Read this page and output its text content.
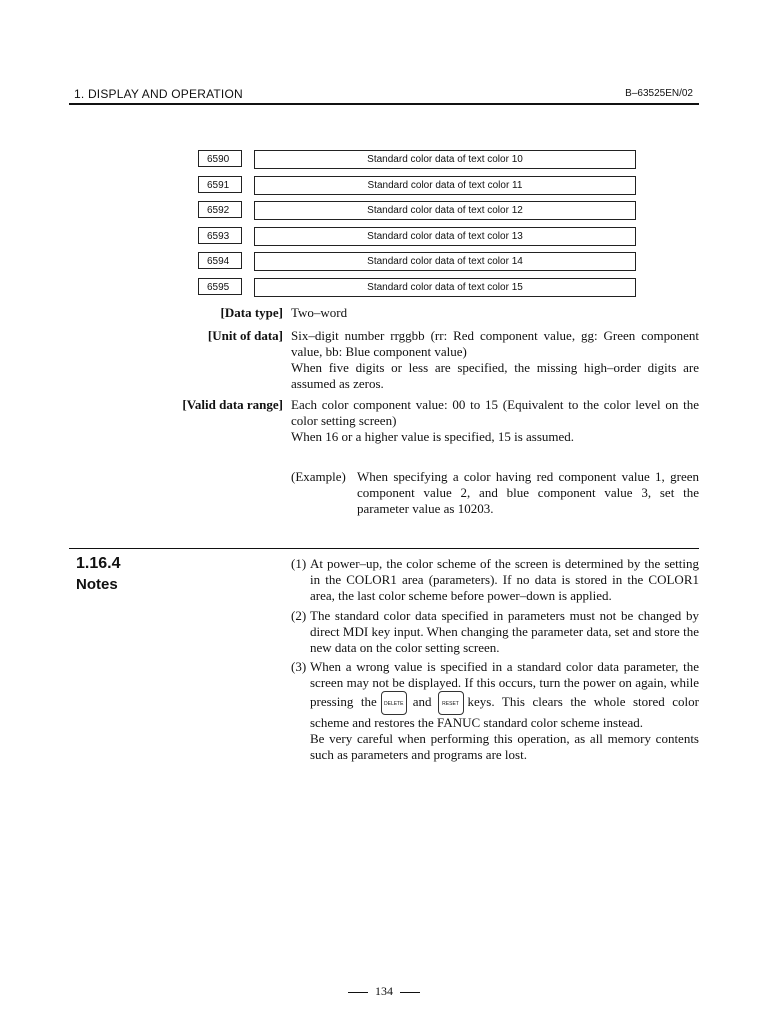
1. DISPLAY AND OPERATION	B–63525EN/02
6590	Standard color data of text color 10
6591	Standard color data of text color 11
6592	Standard color data of text color 12
6593	Standard color data of text color 13
6594	Standard color data of text color 14
6595	Standard color data of text color 15
[Data type] Two–word
[Unit of data] Six–digit number rrggbb (rr: Red component value, gg: Green component value, bb: Blue component value)

When five digits or less are specified, the missing high–order digits are assumed as zeros.

[Valid data range] Each color component value: 00 to 15 (Equivalent to the color level on the color setting screen)

When 16 or a higher value is specified, 15 is assumed.

(Example) When specifying a color having red component value 1, green component value 2, and blue component value 3, set the parameter value as 10203.
1.16.4
Notes
(1) At power–up, the color scheme of the screen is determined by the setting in the COLOR1 area (parameters). If no data is stored in the COLOR1 area, the last color scheme before power–down is applied.
(2) The standard color data specified in parameters must not be changed by direct MDI key input. When changing the parameter data, set and store the new data on the color setting screen.
(3) When a wrong value is specified in a standard color data parameter, the screen may not be displayed. If this occurs, turn the power on again, while pressing the DELETE and RESET keys. This clears the whole stored color scheme and restores the FANUC standard color scheme instead.

Be very careful when performing this operation, as all memory contents such as parameters and programs are lost.

134
